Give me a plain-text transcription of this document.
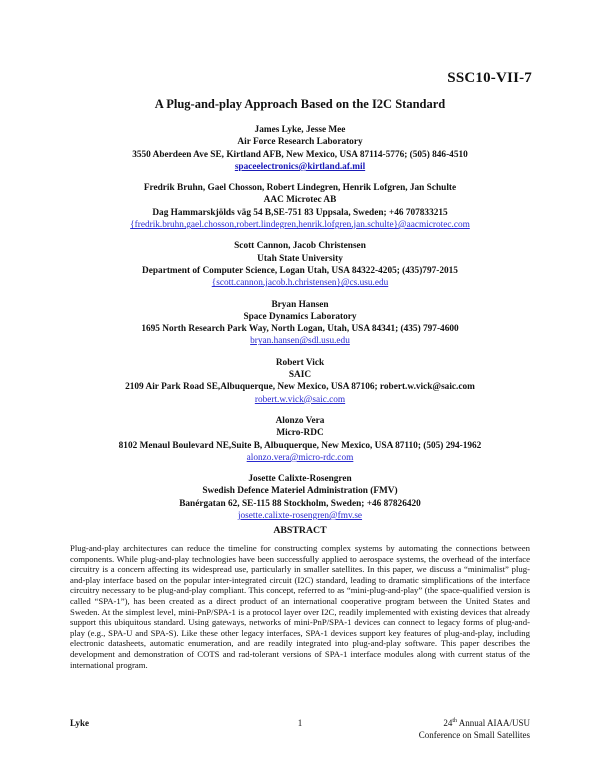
SSC10-VII-7
A Plug-and-play Approach Based on the I2C Standard
James Lyke, Jesse Mee
Air Force Research Laboratory
3550 Aberdeen Ave SE, Kirtland AFB, New Mexico, USA 87114-5776; (505) 846-4510
spaceelectronics@kirtland.af.mil
Fredrik Bruhn, Gael Chosson, Robert Lindegren, Henrik Lofgren, Jan Schulte
AAC Microtec AB
Dag Hammarskjölds väg 54 B,SE-751 83 Uppsala, Sweden; +46 707833215
{fredrik.bruhn,gael.chosson,robert.lindegren,henrik.lofgren,jan.schulte}@aacmicrotec.com
Scott Cannon, Jacob Christensen
Utah State University
Department of Computer Science, Logan Utah, USA 84322-4205; (435)797-2015
{scott.cannon,jacob.h.christensen}@cs.usu.edu
Bryan Hansen
Space Dynamics Laboratory
1695 North Research Park Way, North Logan, Utah, USA 84341; (435) 797-4600
bryan.hansen@sdl.usu.edu
Robert Vick
SAIC
2109 Air Park Road SE,Albuquerque, New Mexico, USA 87106; robert.w.vick@saic.com
robert.w.vick@saic.com
Alonzo Vera
Micro-RDC
8102 Menaul Boulevard NE,Suite B, Albuquerque, New Mexico, USA 87110; (505) 294-1962
alonzo.vera@micro-rdc.com
Josette Calixte-Rosengren
Swedish Defence Materiel Administration (FMV)
Banérgatan 62, SE-115 88 Stockholm, Sweden; +46 87826420
josette.calixte-rosengren@fmv.se
ABSTRACT
Plug-and-play architectures can reduce the timeline for constructing complex systems by automating the connections between components. While plug-and-play technologies have been successfully applied to aerospace systems, the overhead of the interface circuitry is a concern affecting its widespread use, particularly in smaller satellites. In this paper, we discuss a “minimalist” plug-and-play interface based on the popular inter-integrated circuit (I2C) standard, leading to dramatic simplifications of the interface circuitry necessary to be plug-and-play compliant. This concept, referred to as “mini-plug-and-play” (the space-qualified version is called “SPA-1”), has been created as a direct product of an international cooperative program between the United States and Sweden. At the simplest level, mini-PnP/SPA-1 is a protocol layer over I2C, readily implemented with existing devices that already support this ubiquitous standard. Using gateways, networks of mini-PnP/SPA-1 devices can connect to legacy forms of plug-and-play (e.g., SPA-U and SPA-S). Like these other legacy interfaces, SPA-1 devices support key features of plug-and-play, including electronic datasheets, automatic enumeration, and are readily integrated into plug-and-play software. This paper describes the development and demonstration of COTS and rad-tolerant versions of SPA-1 interface modules along with current status of the international program.
Lyke	1	24th Annual AIAA/USU
Conference on Small Satellites
